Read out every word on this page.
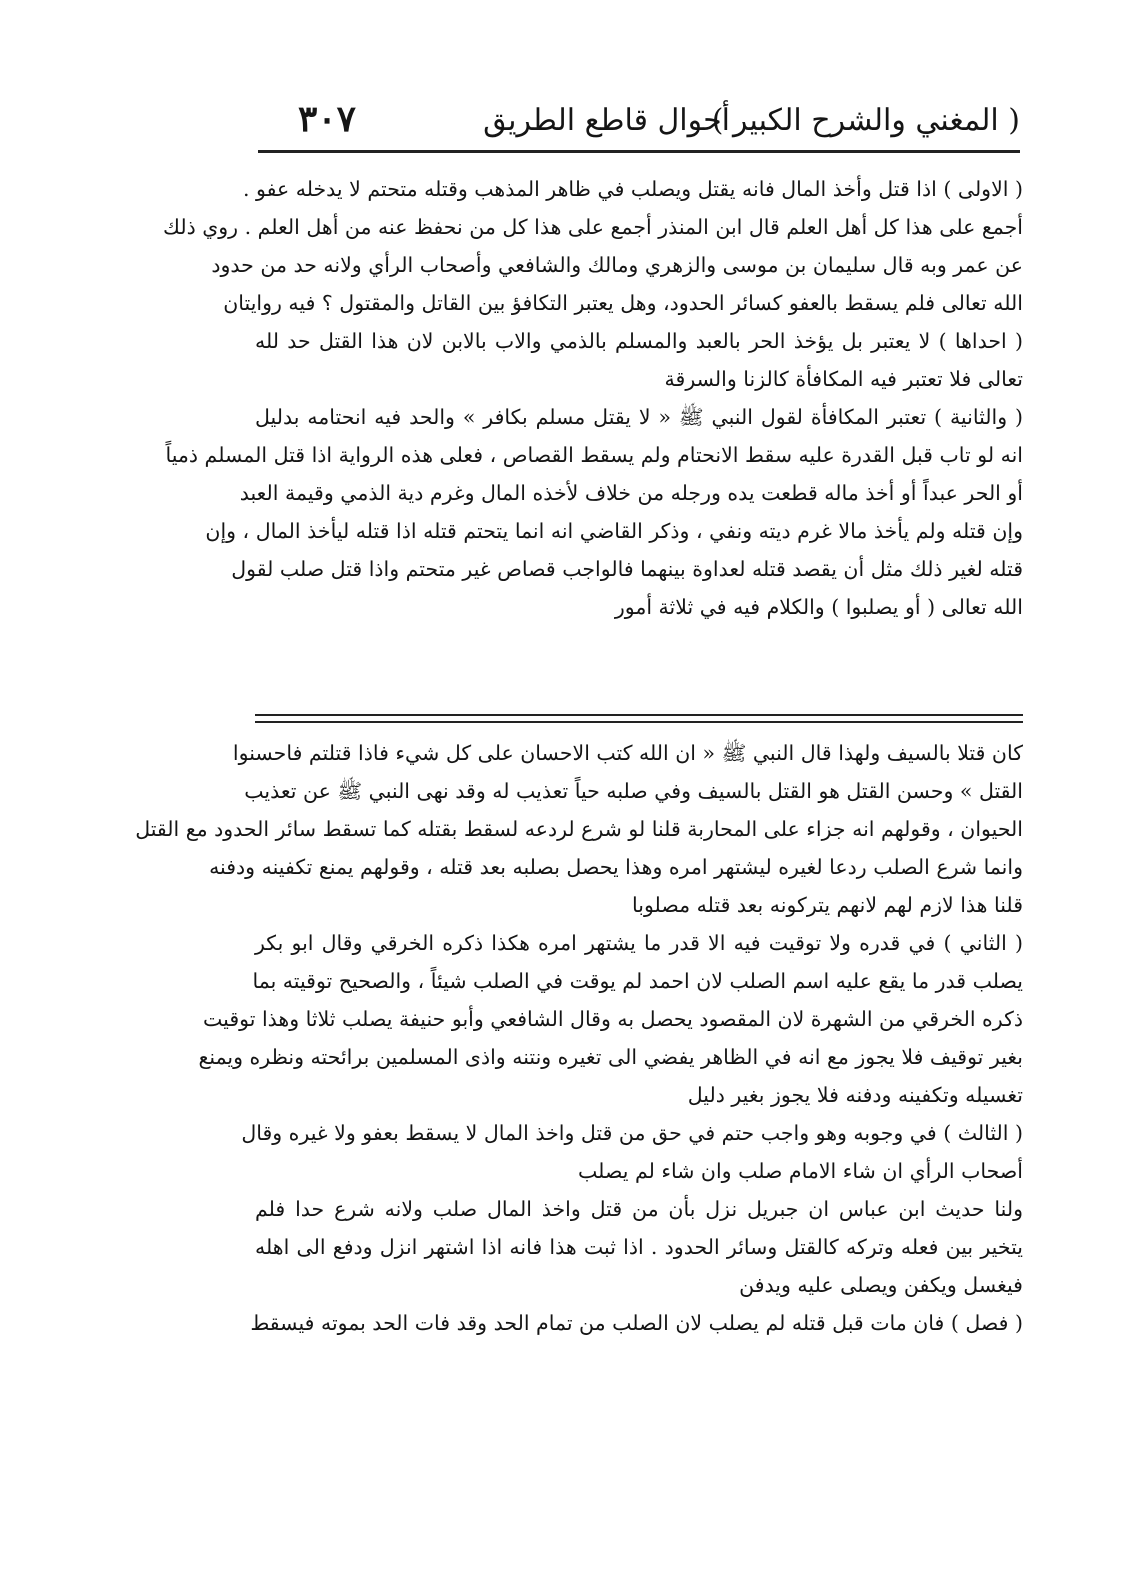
( المغني والشرح الكبير )
أحوال قاطع الطريق
٣٠٧
( الاولى ) اذا قتل وأخذ المال فانه يقتل ويصلب في ظاهر المذهب وقتله متحتم لا يدخله عفو .
أجمع على هذا كل أهل العلم قال ابن المنذر أجمع على هذا كل من نحفظ عنه من أهل العلم . روي ذلك
عن عمر وبه قال سليمان بن موسى والزهري ومالك والشافعي وأصحاب الرأي ولانه حد من حدود
الله تعالى فلم يسقط بالعفو كسائر الحدود، وهل يعتبر التكافؤ بين القاتل والمقتول ؟ فيه روايتان
( احداها ) لا يعتبر بل يؤخذ الحر بالعبد والمسلم بالذمي والاب بالابن لان هذا القتل حد لله
تعالى فلا تعتبر فيه المكافأة كالزنا والسرقة
( والثانية ) تعتبر المكافأة لقول النبي ﷺ « لا يقتل مسلم بكافر » والحد فيه انحتامه بدليل
انه لو تاب قبل القدرة عليه سقط الانحتام ولم يسقط القصاص ، فعلى هذه الرواية اذا قتل المسلم ذمياً
أو الحر عبداً أو أخذ ماله قطعت يده ورجله من خلاف لأخذه المال وغرم دية الذمي وقيمة العبد
وإن قتله ولم يأخذ مالا غرم ديته ونفي ، وذكر القاضي انه انما يتحتم قتله اذا قتله ليأخذ المال ، وإن
قتله لغير ذلك مثل أن يقصد قتله لعداوة بينهما فالواجب قصاص غير متحتم واذا قتل صلب لقول
الله تعالى ( أو يصلبوا ) والكلام فيه في ثلاثة أمور
كان قتلا بالسيف ولهذا قال النبي ﷺ « ان الله كتب الاحسان على كل شيء فاذا قتلتم فاحسنوا
القتل » وحسن القتل هو القتل بالسيف وفي صلبه حياً تعذيب له وقد نهى النبي ﷺ عن تعذيب
الحيوان ، وقولهم انه جزاء على المحاربة قلنا لو شرع لردعه لسقط بقتله كما تسقط سائر الحدود مع القتل
وانما شرع الصلب ردعا لغيره ليشتهر امره وهذا يحصل بصلبه بعد قتله ، وقولهم يمنع تكفينه ودفنه
قلنا هذا لازم لهم لانهم يتركونه بعد قتله مصلوبا
( الثاني ) في قدره ولا توقيت فيه الا قدر ما يشتهر امره هكذا ذكره الخرقي وقال ابو بكر
يصلب قدر ما يقع عليه اسم الصلب لان احمد لم يوقت في الصلب شيئاً ، والصحيح توقيته بما
ذكره الخرقي من الشهرة لان المقصود يحصل به وقال الشافعي وأبو حنيفة يصلب ثلاثا وهذا توقيت
بغير توقيف فلا يجوز مع انه في الظاهر يفضي الى تغيره ونتنه واذى المسلمين برائحته ونظره ويمنع
تغسيله وتكفينه ودفنه فلا يجوز بغير دليل
( الثالث ) في وجوبه وهو واجب حتم في حق من قتل واخذ المال لا يسقط بعفو ولا غيره وقال
أصحاب الرأي ان شاء الامام صلب وان شاء لم يصلب
ولنا حديث ابن عباس ان جبريل نزل بأن من قتل واخذ المال صلب ولانه شرع حدا فلم
يتخير بين فعله وتركه كالقتل وسائر الحدود . اذا ثبت هذا فانه اذا اشتهر انزل ودفع الى اهله
فيغسل ويكفن ويصلى عليه ويدفن
( فصل ) فان مات قبل قتله لم يصلب لان الصلب من تمام الحد وقد فات الحد بموته فيسقط
